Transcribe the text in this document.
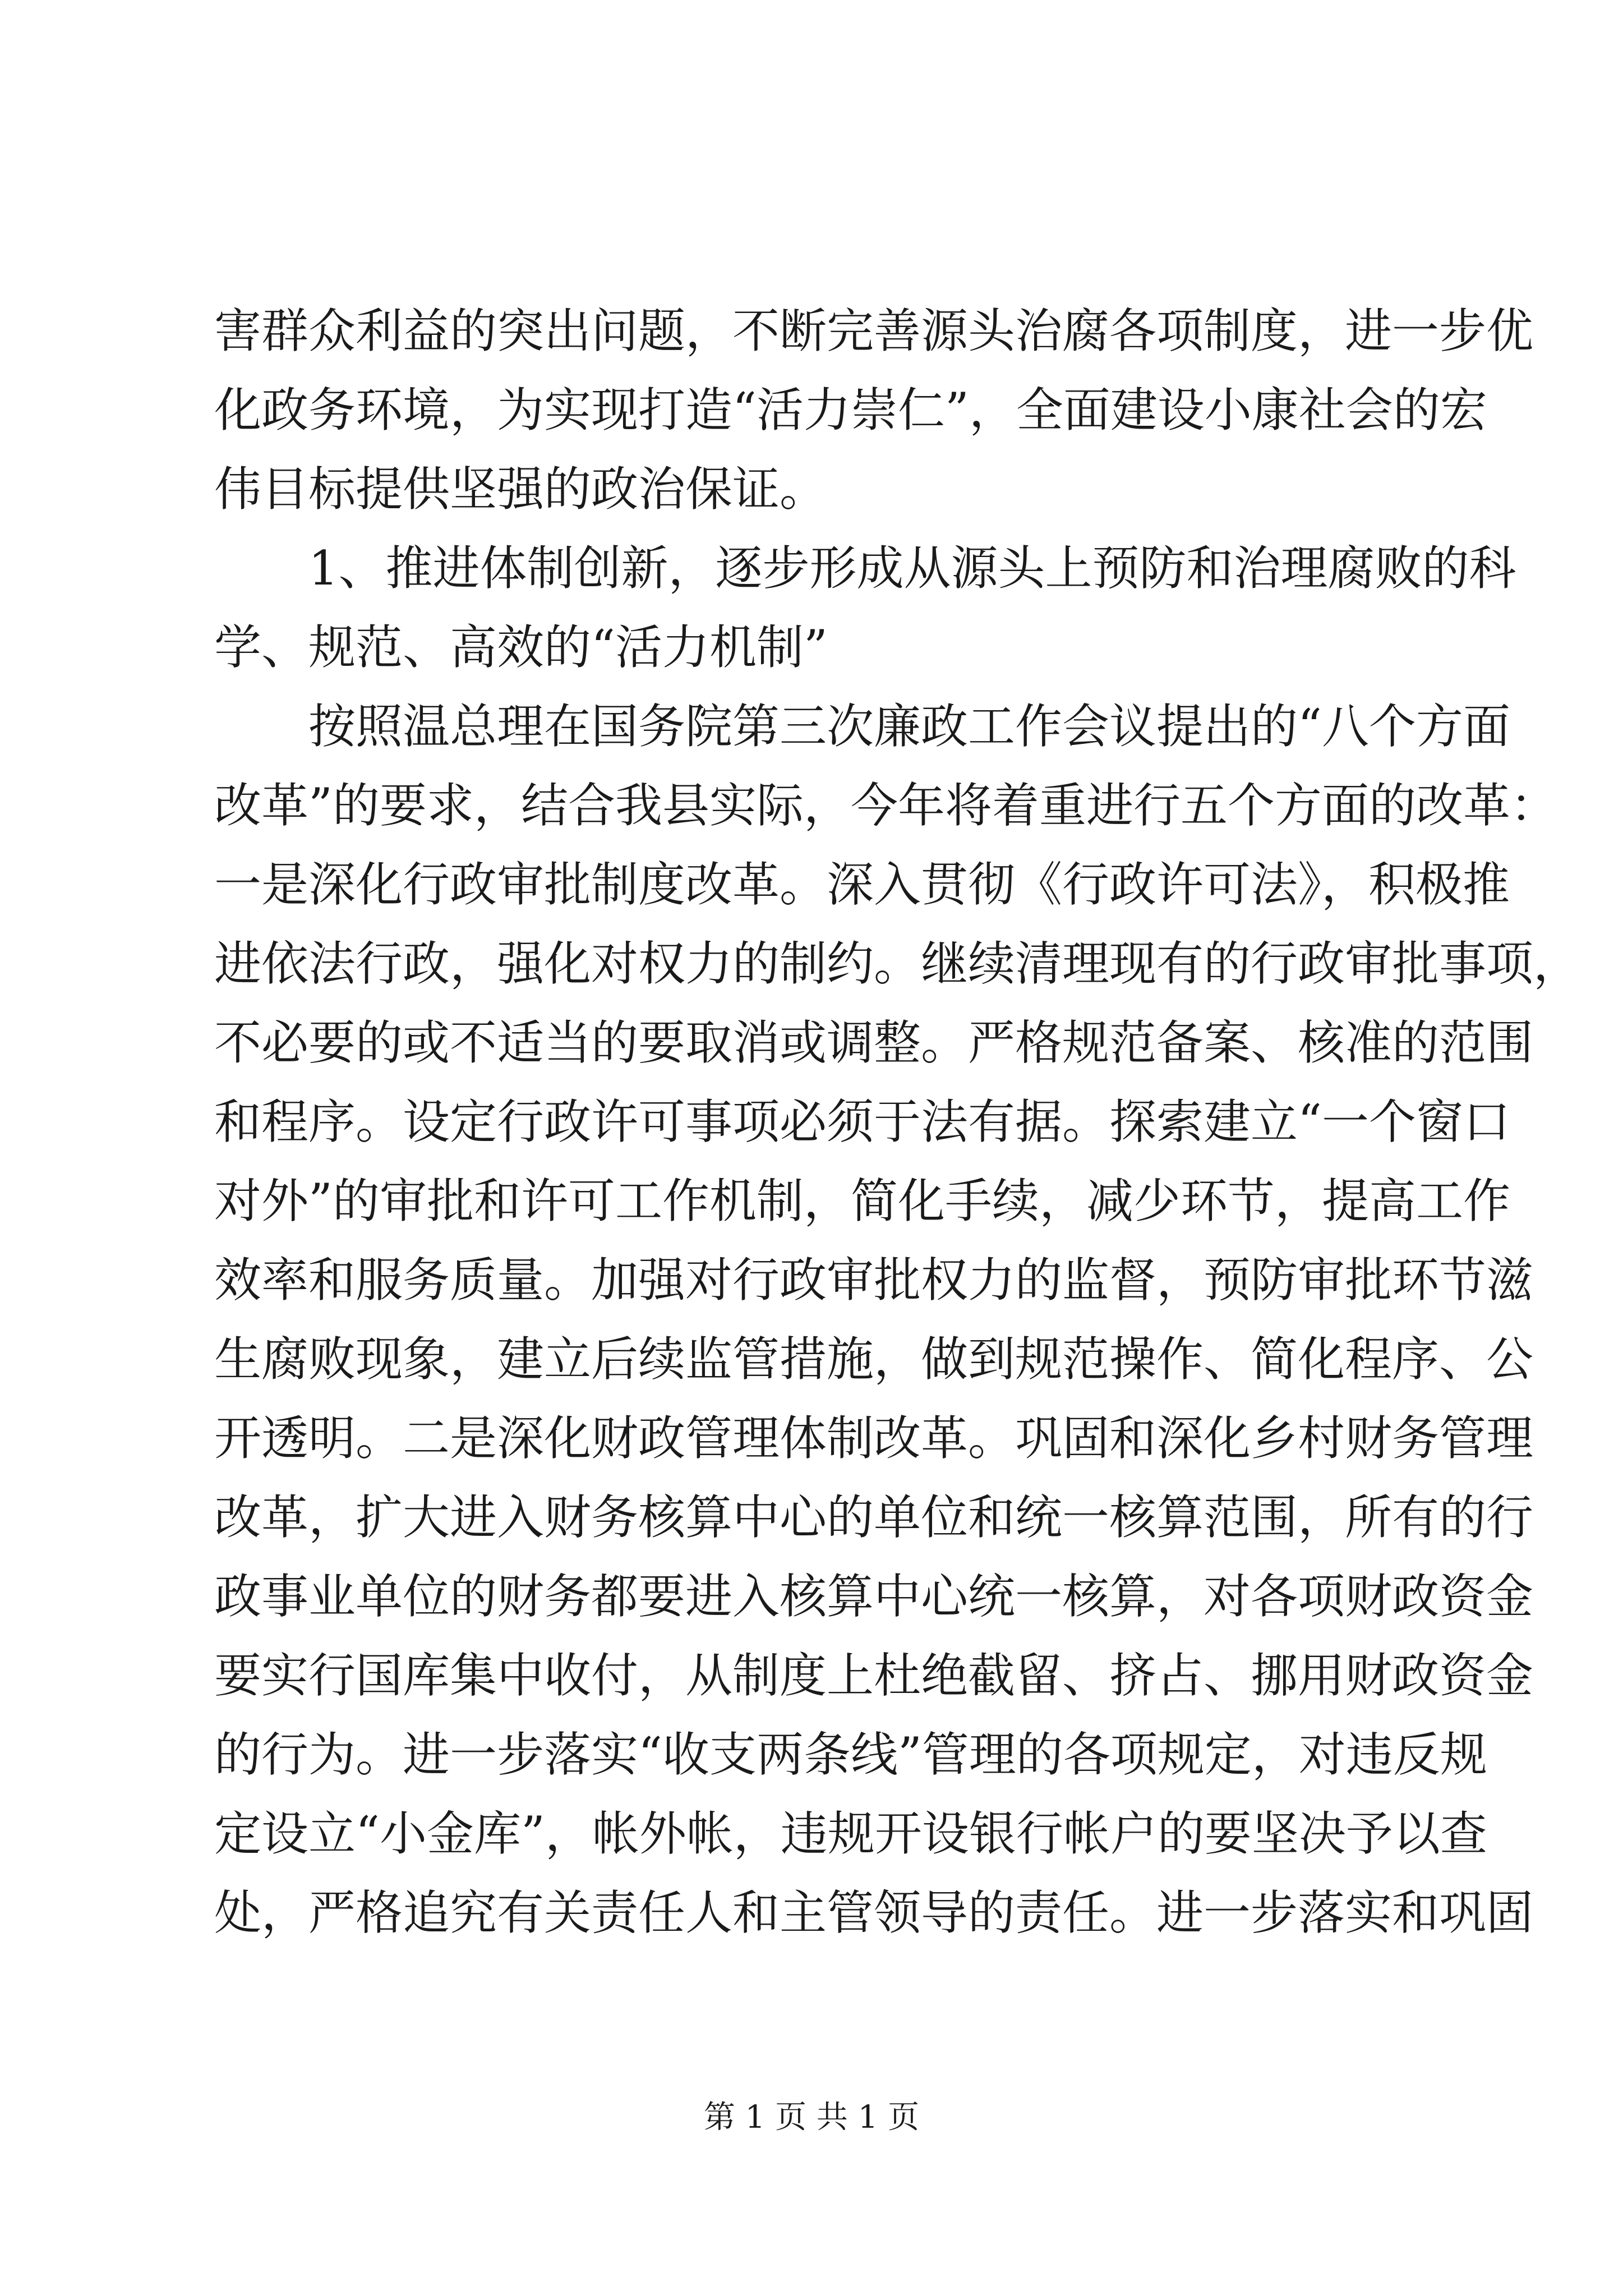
害群众利益的突出问题，不断完善源头治腐各项制度，进一步优
化政务环境，为实现打造“活力崇仁”，全面建设小康社会的宏
伟目标提供坚强的政治保证。
1、推进体制创新，逐步形成从源头上预防和治理腐败的科
学、规范、高效的“活力机制”
按照温总理在国务院第三次廉政工作会议提出的“八个方面
改革”的要求，结合我县实际，今年将着重进行五个方面的改革：
一是深化行政审批制度改革。深入贯彻《行政许可法》，积极推
进依法行政，强化对权力的制约。继续清理现有的行政审批事项，
不必要的或不适当的要取消或调整。严格规范备案、核准的范围
和程序。设定行政许可事项必须于法有据。探索建立“一个窗口
对外”的审批和许可工作机制，简化手续，减少环节，提高工作
效率和服务质量。加强对行政审批权力的监督，预防审批环节滋
生腐败现象，建立后续监管措施，做到规范操作、简化程序、公
开透明。二是深化财政管理体制改革。巩固和深化乡村财务管理
改革，扩大进入财务核算中心的单位和统一核算范围，所有的行
政事业单位的财务都要进入核算中心统一核算，对各项财政资金
要实行国库集中收付，从制度上杜绝截留、挤占、挪用财政资金
的行为。进一步落实“收支两条线”管理的各项规定，对违反规
定设立“小金库”，帐外帐，违规开设银行帐户的要坚决予以查
处，严格追究有关责任人和主管领导的责任。进一步落实和巩固
第 1 页 共 1 页
